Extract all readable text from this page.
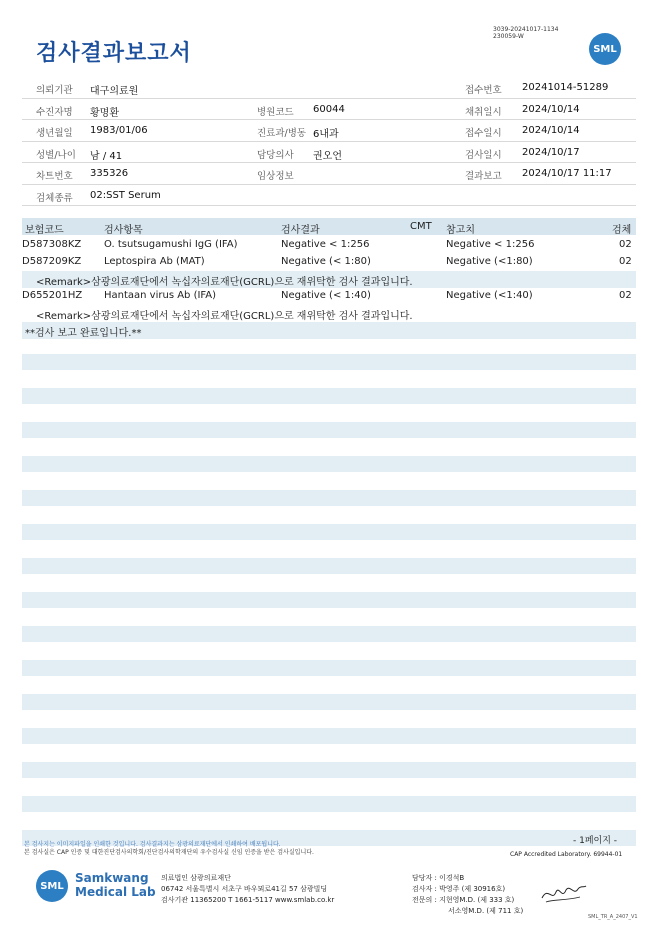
검사결과보고서
3039-20241017-1134
230059-W
SML
의뢰기관 대구의료원	접수번호 20241014-51289
수진자명 황명환	병원코드 60044	채취일시 2024/10/14
생년월일 1983/01/06	진료과/병동 6내과	접수일시 2024/10/14
성별/나이 남 / 41	담당의사 권오언	검사일시 2024/10/17
차트번호 335326	임상정보	결과보고 2024/10/17 11:17
검체종류 02:SST Serum
보험코드	검사항목	검사결과	CMT 참고치	검체
D587308KZ O. tsutsugamushi IgG (IFA)	Negative < 1:256	Negative < 1:256	02
D587209KZ Leptospira Ab (MAT)	Negative (< 1:80)	Negative (<1:80)	02
<Remark>삼광의료재단에서 녹십자의료재단(GCRL)으로 재위탁한 검사 결과입니다.
D655201HZ Hantaan virus Ab (IFA)	Negative (< 1:40)	Negative (<1:40)	02
<Remark>삼광의료재단에서 녹십자의료재단(GCRL)으로 재위탁한 검사 결과입니다.
**검사 보고 완료입니다.**
- 1페이지 -
본 검사지는 이미지파일을 인쇄한 것입니다. 검사결과지는 삼광의료재단에서 인쇄하여 배포됩니다.
본 검사실은 CAP 인증 및 대한진단검사의학회/진단검사의학재단의 우수검사실 신임 인증을 받은 검사실입니다.	CAP Accredited Laboratory. 69944-01
SML
Samkwang
Medical Lab
의료법인 삼광의료재단
06742 서울특별시 서초구 바우뫼로41길 57 삼광빌딩
검사기관 11365200 T 1661-5117 www.smlab.co.kr
담당자 : 이경석B
검사자 : 박영주 (제 30916호)
전문의 : 지현영M.D. (제 333 호)
서소영M.D. (제 711 호)
SML_TR_A_2407_V1
